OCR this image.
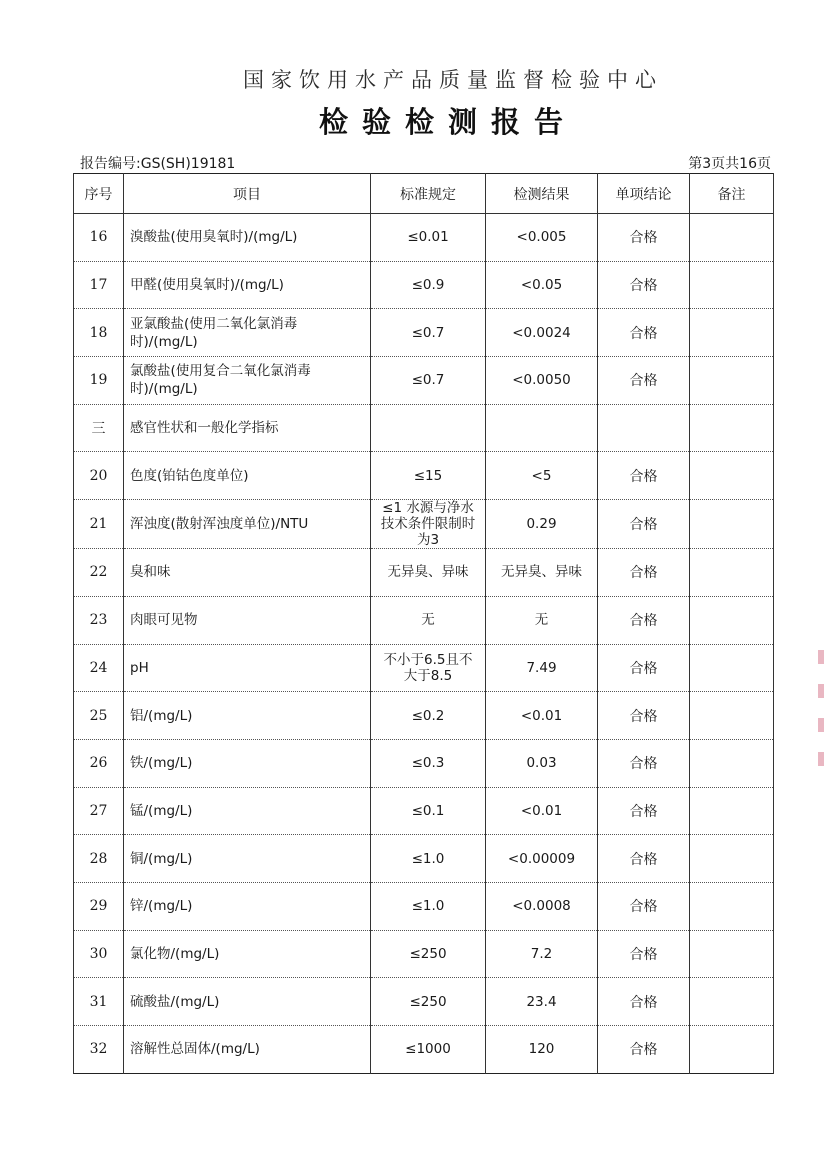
国家饮用水产品质量监督检验中心
检验检测报告
报告编号:GS(SH)19181	第3页共16页
序号	项目	标准规定	检测结果	单项结论	备注
16	溴酸盐(使用臭氧时)/(mg/L)	≤0.01	<0.005	合格	
17	甲醛(使用臭氧时)/(mg/L)	≤0.9	<0.05	合格	
18	亚氯酸盐(使用二氧化氯消毒时)/(mg/L)	≤0.7	<0.0024	合格	
19	氯酸盐(使用复合二氧化氯消毒时)/(mg/L)	≤0.7	<0.0050	合格	
三	感官性状和一般化学指标				
20	色度(铂钴色度单位)	≤15	<5	合格	
21	浑浊度(散射浑浊度单位)/NTU	≤1 水源与净水技术条件限制时为3	0.29	合格	
22	臭和味	无异臭、异味	无异臭、异味	合格	
23	肉眼可见物	无	无	合格	
24	pH	不小于6.5且不大于8.5	7.49	合格	
25	铝/(mg/L)	≤0.2	<0.01	合格	
26	铁/(mg/L)	≤0.3	0.03	合格	
27	锰/(mg/L)	≤0.1	<0.01	合格	
28	铜/(mg/L)	≤1.0	<0.00009	合格	
29	锌/(mg/L)	≤1.0	<0.0008	合格	
30	氯化物/(mg/L)	≤250	7.2	合格	
31	硫酸盐/(mg/L)	≤250	23.4	合格	
32	溶解性总固体/(mg/L)	≤1000	120	合格	
